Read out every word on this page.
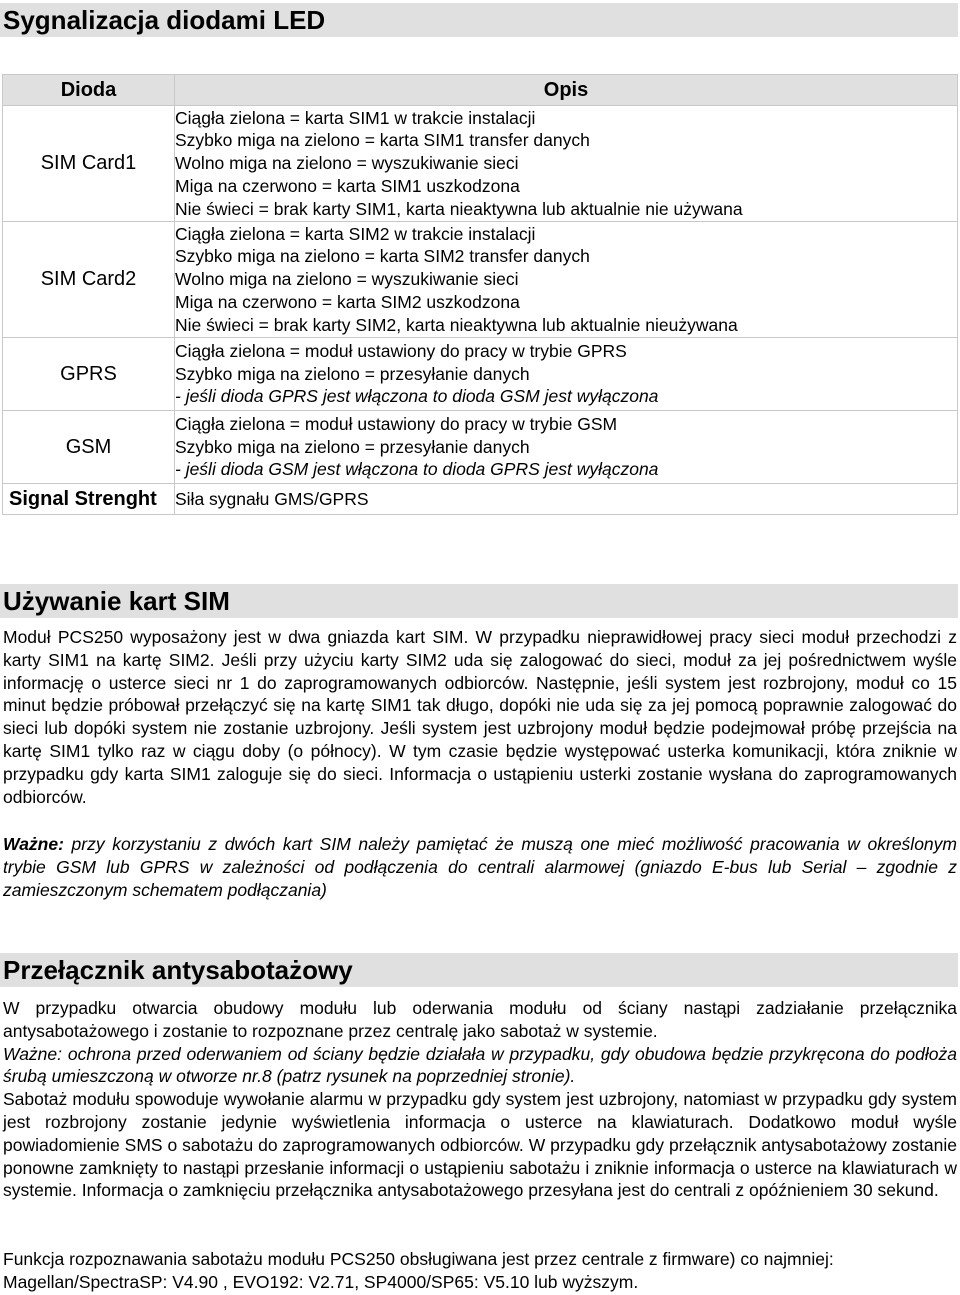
Sygnalizacja diodami LED
Dioda	Opis
SIM Card1	Ciągła zielona = karta SIM1 w trakcie instalacji
Szybko miga na zielono = karta SIM1 transfer danych
Wolno miga na zielono = wyszukiwanie sieci
Miga na czerwono = karta SIM1 uszkodzona
Nie świeci = brak karty SIM1, karta nieaktywna lub aktualnie nie używana

SIM Card2	Ciągła zielona = karta SIM2 w trakcie instalacji
Szybko miga na zielono = karta SIM2 transfer danych
Wolno miga na zielono = wyszukiwanie sieci
Miga na czerwono = karta SIM2 uszkodzona
Nie świeci = brak karty SIM2, karta nieaktywna lub aktualnie nieużywana

GPRS	Ciągła zielona = moduł ustawiony do pracy w trybie GPRS
Szybko miga na zielono = przesyłanie danych
- jeśli dioda GPRS jest włączona to dioda GSM jest wyłączona

GSM	Ciągła zielona = moduł ustawiony do pracy w trybie GSM
Szybko miga na zielono = przesyłanie danych
- jeśli dioda GSM jest włączona to dioda GPRS jest wyłączona

Signal Strenght	Siła sygnału GMS/GPRS
Używanie kart SIM
Moduł PCS250 wyposażony jest w dwa gniazda kart SIM. W przypadku nieprawidłowej pracy sieci moduł przechodzi z karty SIM1 na kartę SIM2. Jeśli przy użyciu karty SIM2 uda się zalogować do sieci, moduł za jej pośrednictwem wyśle informację o usterce sieci nr 1 do zaprogramowanych odbiorców. Następnie, jeśli system jest rozbrojony, moduł co 15 minut będzie próbował przełączyć się na kartę SIM1 tak długo, dopóki nie uda się za jej pomocą poprawnie zalogować do sieci lub dopóki system nie zostanie uzbrojony. Jeśli system jest uzbrojony moduł będzie podejmował próbę przejścia na kartę SIM1 tylko raz w ciągu doby (o północy). W tym czasie będzie występować usterka komunikacji, która zniknie w przypadku gdy karta SIM1 zaloguje się do sieci. Informacja o ustąpieniu usterki zostanie wysłana do zaprogramowanych odbiorców.
Ważne: przy korzystaniu z dwóch kart SIM należy pamiętać że muszą one mieć możliwość pracowania w określonym trybie GSM lub GPRS w zależności od podłączenia do centrali alarmowej (gniazdo E-bus lub Serial – zgodnie z zamieszczonym schematem podłączania)
Przełącznik antysabotażowy
W przypadku otwarcia obudowy modułu lub oderwania modułu od ściany nastąpi zadziałanie przełącznika antysabotażowego i zostanie to rozpoznane przez centralę jako sabotaż w systemie.
Ważne: ochrona przed oderwaniem od ściany będzie działała w przypadku, gdy obudowa będzie przykręcona do podłoża śrubą umieszczoną w otworze nr.8 (patrz rysunek na poprzedniej stronie).
Sabotaż modułu spowoduje wywołanie alarmu w przypadku gdy system jest uzbrojony, natomiast w przypadku gdy system jest rozbrojony zostanie jedynie wyświetlenia informacja o usterce na klawiaturach. Dodatkowo moduł wyśle powiadomienie SMS o sabotażu do zaprogramowanych odbiorców. W przypadku gdy przełącznik antysabotażowy zostanie ponowne zamknięty to nastąpi przesłanie informacji o ustąpieniu sabotażu i zniknie informacja o usterce na klawiaturach w systemie. Informacja o zamknięciu przełącznika antysabotażowego przesyłana jest do centrali z opóźnieniem 30 sekund.
Funkcja rozpoznawania sabotażu modułu PCS250 obsługiwana jest przez centrale z firmware) co najmniej:
Magellan/SpectraSP: V4.90 , EVO192: V2.71, SP4000/SP65: V5.10 lub wyższym.
